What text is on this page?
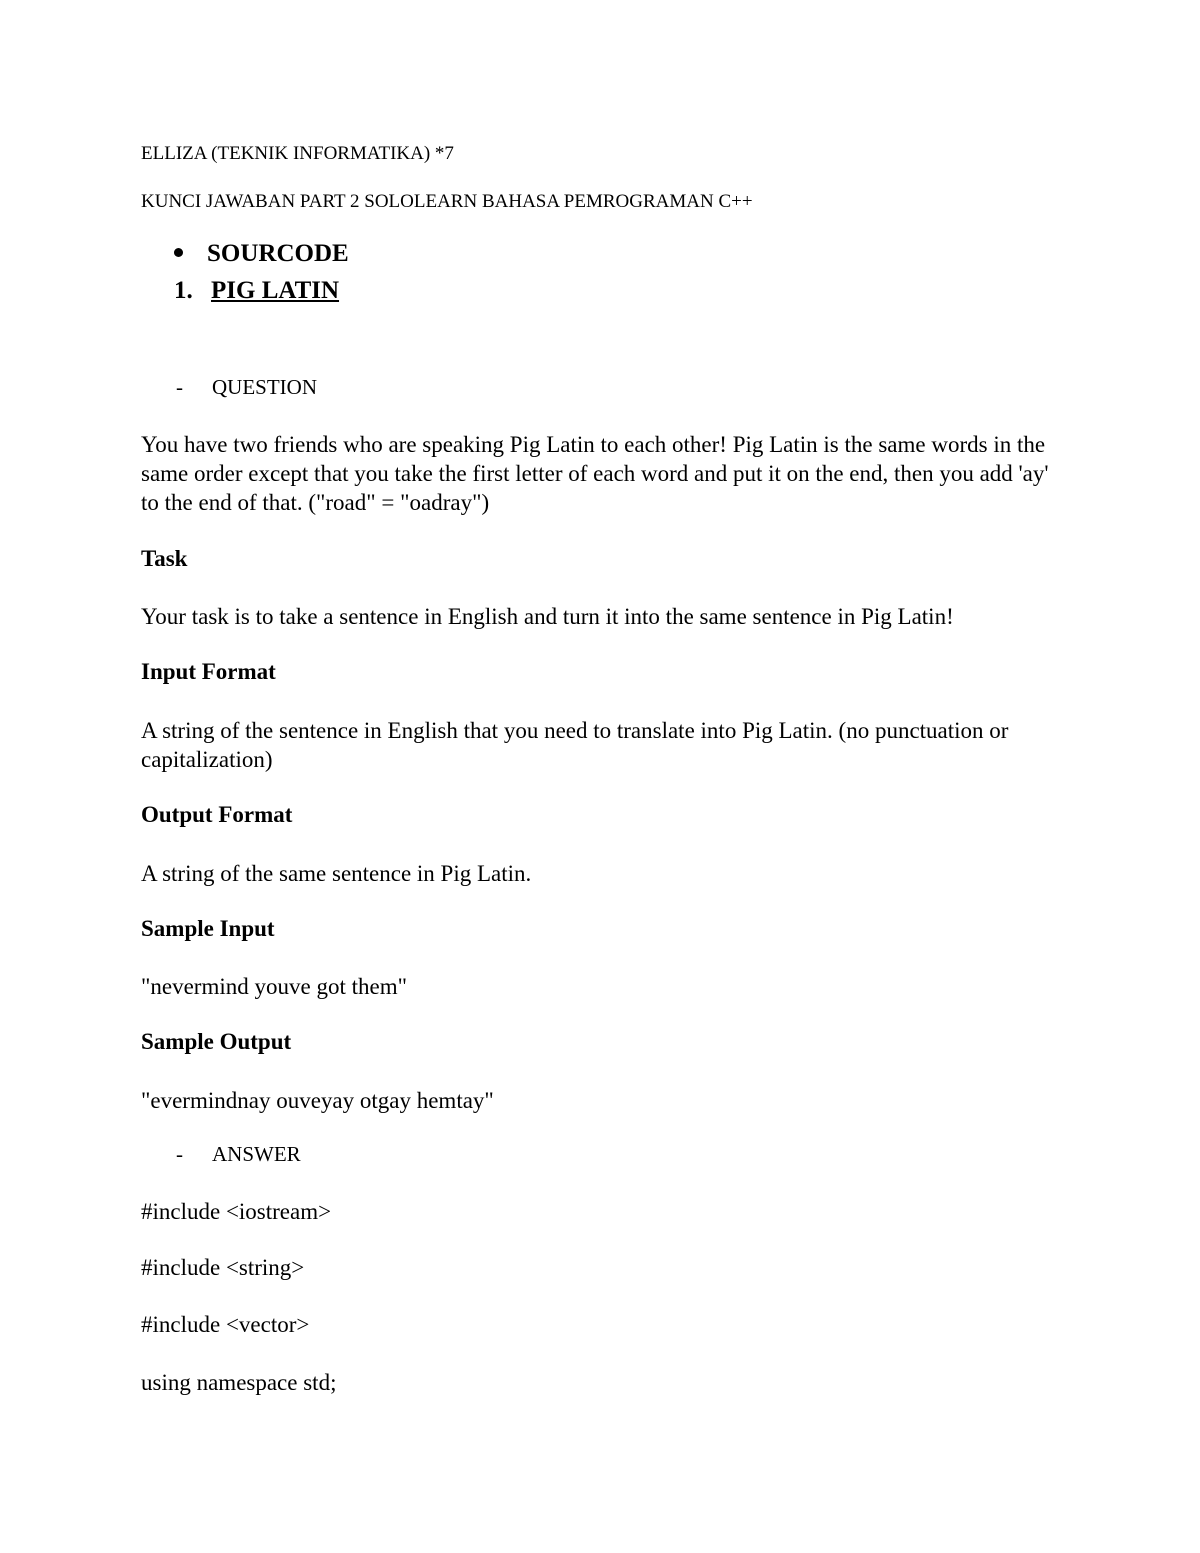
ELLIZA (TEKNIK INFORMATIKA) *7
KUNCI JAWABAN PART 2 SOLOLEARN BAHASA PEMROGRAMAN C++
SOURCODE
1. PIG LATIN
- QUESTION
You have two friends who are speaking Pig Latin to each other! Pig Latin is the same words in the same order except that you take the first letter of each word and put it on the end, then you add 'ay' to the end of that. ("road" = "oadray")
Task
Your task is to take a sentence in English and turn it into the same sentence in Pig Latin!
Input Format
A string of the sentence in English that you need to translate into Pig Latin. (no punctuation or capitalization)
Output Format
A string of the same sentence in Pig Latin.
Sample Input
"nevermind youve got them"
Sample Output
"evermindnay ouveyay otgay hemtay"
- ANSWER
#include <iostream>
#include <string>
#include <vector>
using namespace std;
